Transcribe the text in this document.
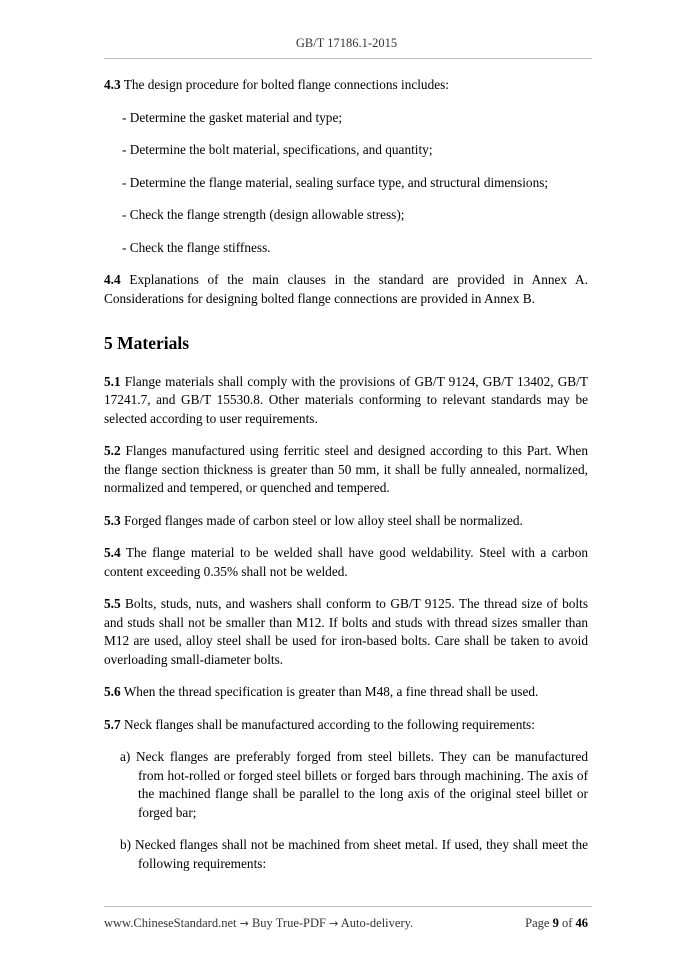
GB/T 17186.1-2015

4.3 The design procedure for bolted flange connections includes:

- Determine the gasket material and type;
- Determine the bolt material, specifications, and quantity;
- Determine the flange material, sealing surface type, and structural dimensions;
- Check the flange strength (design allowable stress);
- Check the flange stiffness.

4.4 Explanations of the main clauses in the standard are provided in Annex A. Considerations for designing bolted flange connections are provided in Annex B.

5 Materials

5.1 Flange materials shall comply with the provisions of GB/T 9124, GB/T 13402, GB/T 17241.7, and GB/T 15530.8. Other materials conforming to relevant standards may be selected according to user requirements.

5.2 Flanges manufactured using ferritic steel and designed according to this Part. When the flange section thickness is greater than 50 mm, it shall be fully annealed, normalized, normalized and tempered, or quenched and tempered.

5.3 Forged flanges made of carbon steel or low alloy steel shall be normalized.

5.4 The flange material to be welded shall have good weldability. Steel with a carbon content exceeding 0.35% shall not be welded.

5.5 Bolts, studs, nuts, and washers shall conform to GB/T 9125. The thread size of bolts and studs shall not be smaller than M12. If bolts and studs with thread sizes smaller than M12 are used, alloy steel shall be used for iron-based bolts. Care shall be taken to avoid overloading small-diameter bolts.

5.6 When the thread specification is greater than M48, a fine thread shall be used.

5.7 Neck flanges shall be manufactured according to the following requirements:

a) Neck flanges are preferably forged from steel billets. They can be manufactured from hot-rolled or forged steel billets or forged bars through machining. The axis of the machined flange shall be parallel to the long axis of the original steel billet or forged bar;
b) Necked flanges shall not be machined from sheet metal. If used, they shall meet the following requirements:
www.ChineseStandard.net → Buy True-PDF → Auto-delivery.	Page 9 of 46
